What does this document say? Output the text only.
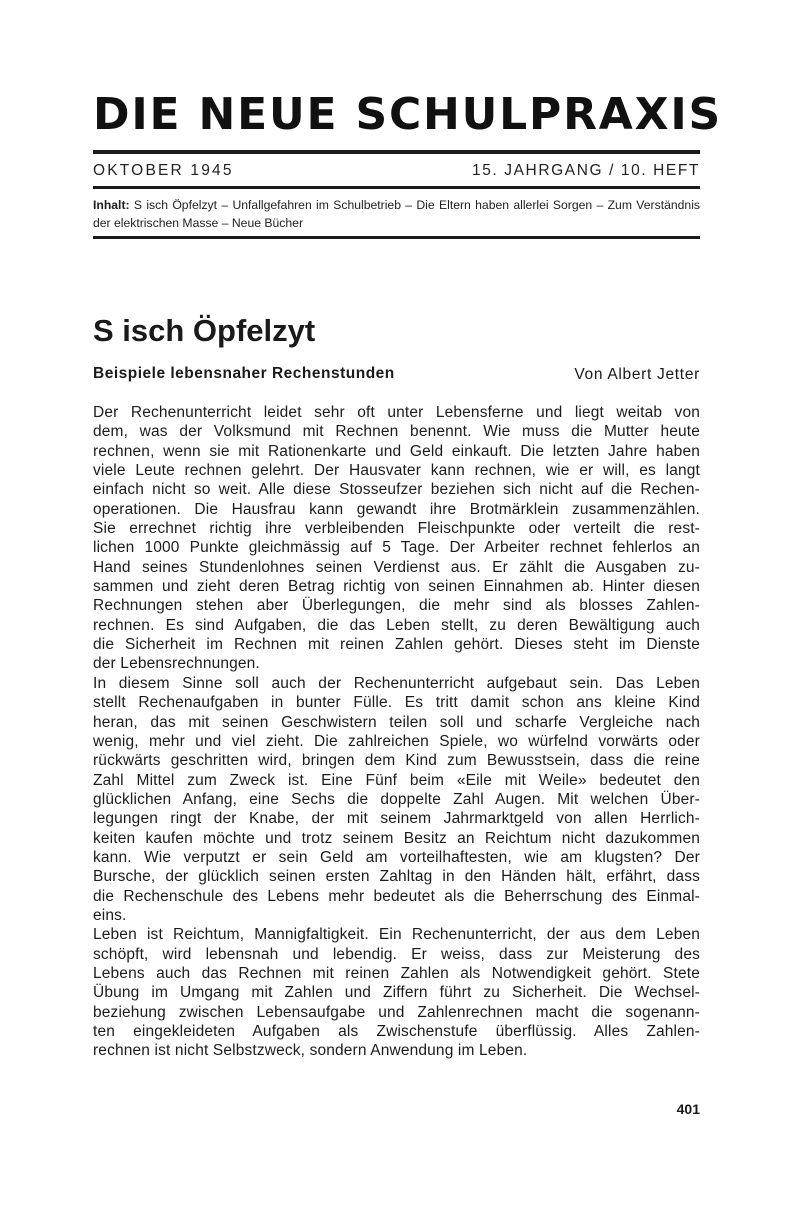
DIE NEUE SCHULPRAXIS
OKTOBER 1945	15. JAHRGANG / 10. HEFT
Inhalt: S isch Öpfelzyt – Unfallgefahren im Schulbetrieb – Die Eltern haben allerlei Sorgen – Zum Verständnis der elektrischen Masse – Neue Bücher
S isch Öpfelzyt
Beispiele lebensnaher Rechenstunden	Von Albert Jetter
Der Rechenunterricht leidet sehr oft unter Lebensferne und liegt weitab von
dem, was der Volksmund mit Rechnen benennt. Wie muss die Mutter heute
rechnen, wenn sie mit Rationenkarte und Geld einkauft. Die letzten Jahre haben
viele Leute rechnen gelehrt. Der Hausvater kann rechnen, wie er will, es langt
einfach nicht so weit. Alle diese Stosseufzer beziehen sich nicht auf die Rechen-
operationen. Die Hausfrau kann gewandt ihre Brotmärklein zusammenzählen.
Sie errechnet richtig ihre verbleibenden Fleischpunkte oder verteilt die rest-
lichen 1000 Punkte gleichmässig auf 5 Tage. Der Arbeiter rechnet fehlerlos an
Hand seines Stundenlohnes seinen Verdienst aus. Er zählt die Ausgaben zu-
sammen und zieht deren Betrag richtig von seinen Einnahmen ab. Hinter diesen
Rechnungen stehen aber Überlegungen, die mehr sind als blosses Zahlen-
rechnen. Es sind Aufgaben, die das Leben stellt, zu deren Bewältigung auch
die Sicherheit im Rechnen mit reinen Zahlen gehört. Dieses steht im Dienste
der Lebensrechnungen.
In diesem Sinne soll auch der Rechenunterricht aufgebaut sein. Das Leben
stellt Rechenaufgaben in bunter Fülle. Es tritt damit schon ans kleine Kind
heran, das mit seinen Geschwistern teilen soll und scharfe Vergleiche nach
wenig, mehr und viel zieht. Die zahlreichen Spiele, wo würfelnd vorwärts oder
rückwärts geschritten wird, bringen dem Kind zum Bewusstsein, dass die reine
Zahl Mittel zum Zweck ist. Eine Fünf beim «Eile mit Weile» bedeutet den
glücklichen Anfang, eine Sechs die doppelte Zahl Augen. Mit welchen Über-
legungen ringt der Knabe, der mit seinem Jahrmarktgeld von allen Herrlich-
keiten kaufen möchte und trotz seinem Besitz an Reichtum nicht dazukommen
kann. Wie verputzt er sein Geld am vorteilhaftesten, wie am klugsten? Der
Bursche, der glücklich seinen ersten Zahltag in den Händen hält, erfährt, dass
die Rechenschule des Lebens mehr bedeutet als die Beherrschung des Einmal-
eins.
Leben ist Reichtum, Mannigfaltigkeit. Ein Rechenunterricht, der aus dem Leben
schöpft, wird lebensnah und lebendig. Er weiss, dass zur Meisterung des
Lebens auch das Rechnen mit reinen Zahlen als Notwendigkeit gehört. Stete
Übung im Umgang mit Zahlen und Ziffern führt zu Sicherheit. Die Wechsel-
beziehung zwischen Lebensaufgabe und Zahlenrechnen macht die sogenann-
ten eingekleideten Aufgaben als Zwischenstufe überflüssig. Alles Zahlen-
rechnen ist nicht Selbstzweck, sondern Anwendung im Leben.
401
